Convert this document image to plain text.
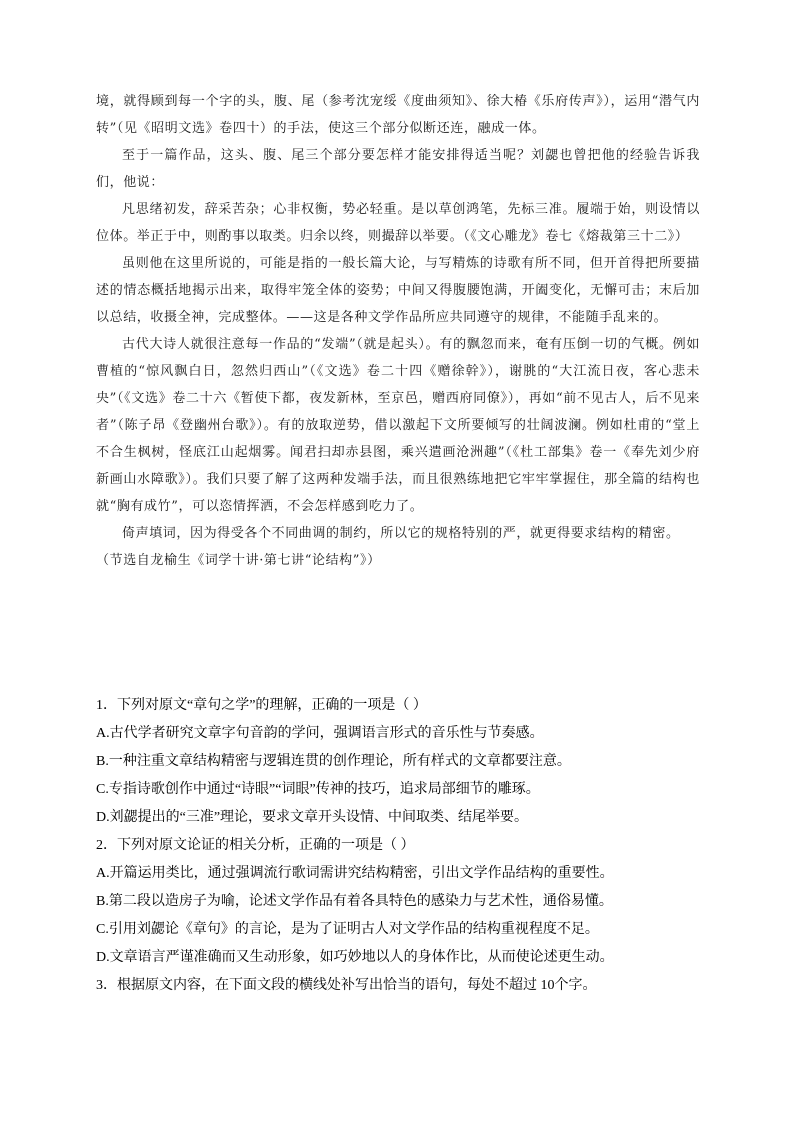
境，就得顾到每一个字的头，腹、尾（参考沈宠绥《度曲须知》、徐大椿《乐府传声》），运用“潜气内转”（见《昭明文选》卷四十）的手法，使这三个部分似断还连，融成一体。

至于一篇作品，这头、腹、尾三个部分要怎样才能安排得适当呢？刘勰也曾把他的经验告诉我们，他说：

凡思绪初发，辞采苦杂；心非权衡，势必轻重。是以草创鸿笔，先标三准。履端于始，则设情以位体。举正于中，则酌事以取类。归余以终，则撮辞以举要。（《文心雕龙》卷七《熔裁第三十二》）

虽则他在这里所说的，可能是指的一般长篇大论，与写精炼的诗歌有所不同，但开首得把所要描述的情态概括地揭示出来，取得牢笼全体的姿势；中间又得腹腰饱满，开阖变化，无懈可击；末后加以总结，收摄全神，完成整体。——这是各种文学作品所应共同遵守的规律，不能随手乱来的。

古代大诗人就很注意每一作品的“发端”（就是起头）。有的飘忽而来，奄有压倒一切的气概。例如曹植的“惊风飘白日，忽然归西山”（《文选》卷二十四《赠徐幹》），谢朓的“大江流日夜，客心悲未央”（《文选》卷二十六《暂使下都，夜发新林，至京邑，赠西府同僚》），再如“前不见古人，后不见来者”（陈子昂《登幽州台歌》）。有的放取逆势，借以激起下文所要倾写的壮阔波澜。例如杜甫的“堂上不合生枫树，怪底江山起烟雾。闻君扫却赤县图，乘兴遣画沧洲趣”（《杜工部集》卷一《奉先刘少府新画山水障歌》）。我们只要了解了这两种发端手法，而且很熟练地把它牢牢掌握住，那全篇的结构也就“胸有成竹”，可以恣情挥洒，不会怎样感到吃力了。

倚声填词，因为得受各个不同曲调的制约，所以它的规格特别的严，就更得要求结构的精密。

（节选自龙榆生《词学十讲·第七讲“论结构”》）

1．下列对原文“章句之学”的理解，正确的一项是（ ）

A.古代学者研究文章字句音韵的学问，强调语言形式的音乐性与节奏感。

B.一种注重文章结构精密与逻辑连贯的创作理论，所有样式的文章都要注意。

C.专指诗歌创作中通过“诗眼”“词眼”传神的技巧，追求局部细节的雕琢。

D.刘勰提出的“三准”理论，要求文章开头设情、中间取类、结尾举要。

2．下列对原文论证的相关分析，正确的一项是（ ）

A.开篇运用类比，通过强调流行歌词需讲究结构精密，引出文学作品结构的重要性。

B.第二段以造房子为喻，论述文学作品有着各具特色的感染力与艺术性，通俗易懂。

C.引用刘勰论《章句》的言论，是为了证明古人对文学作品的结构重视程度不足。

D.文章语言严谨准确而又生动形象，如巧妙地以人的身体作比，从而使论述更生动。

3．根据原文内容，在下面文段的横线处补写出恰当的语句，每处不超过 10个字。
